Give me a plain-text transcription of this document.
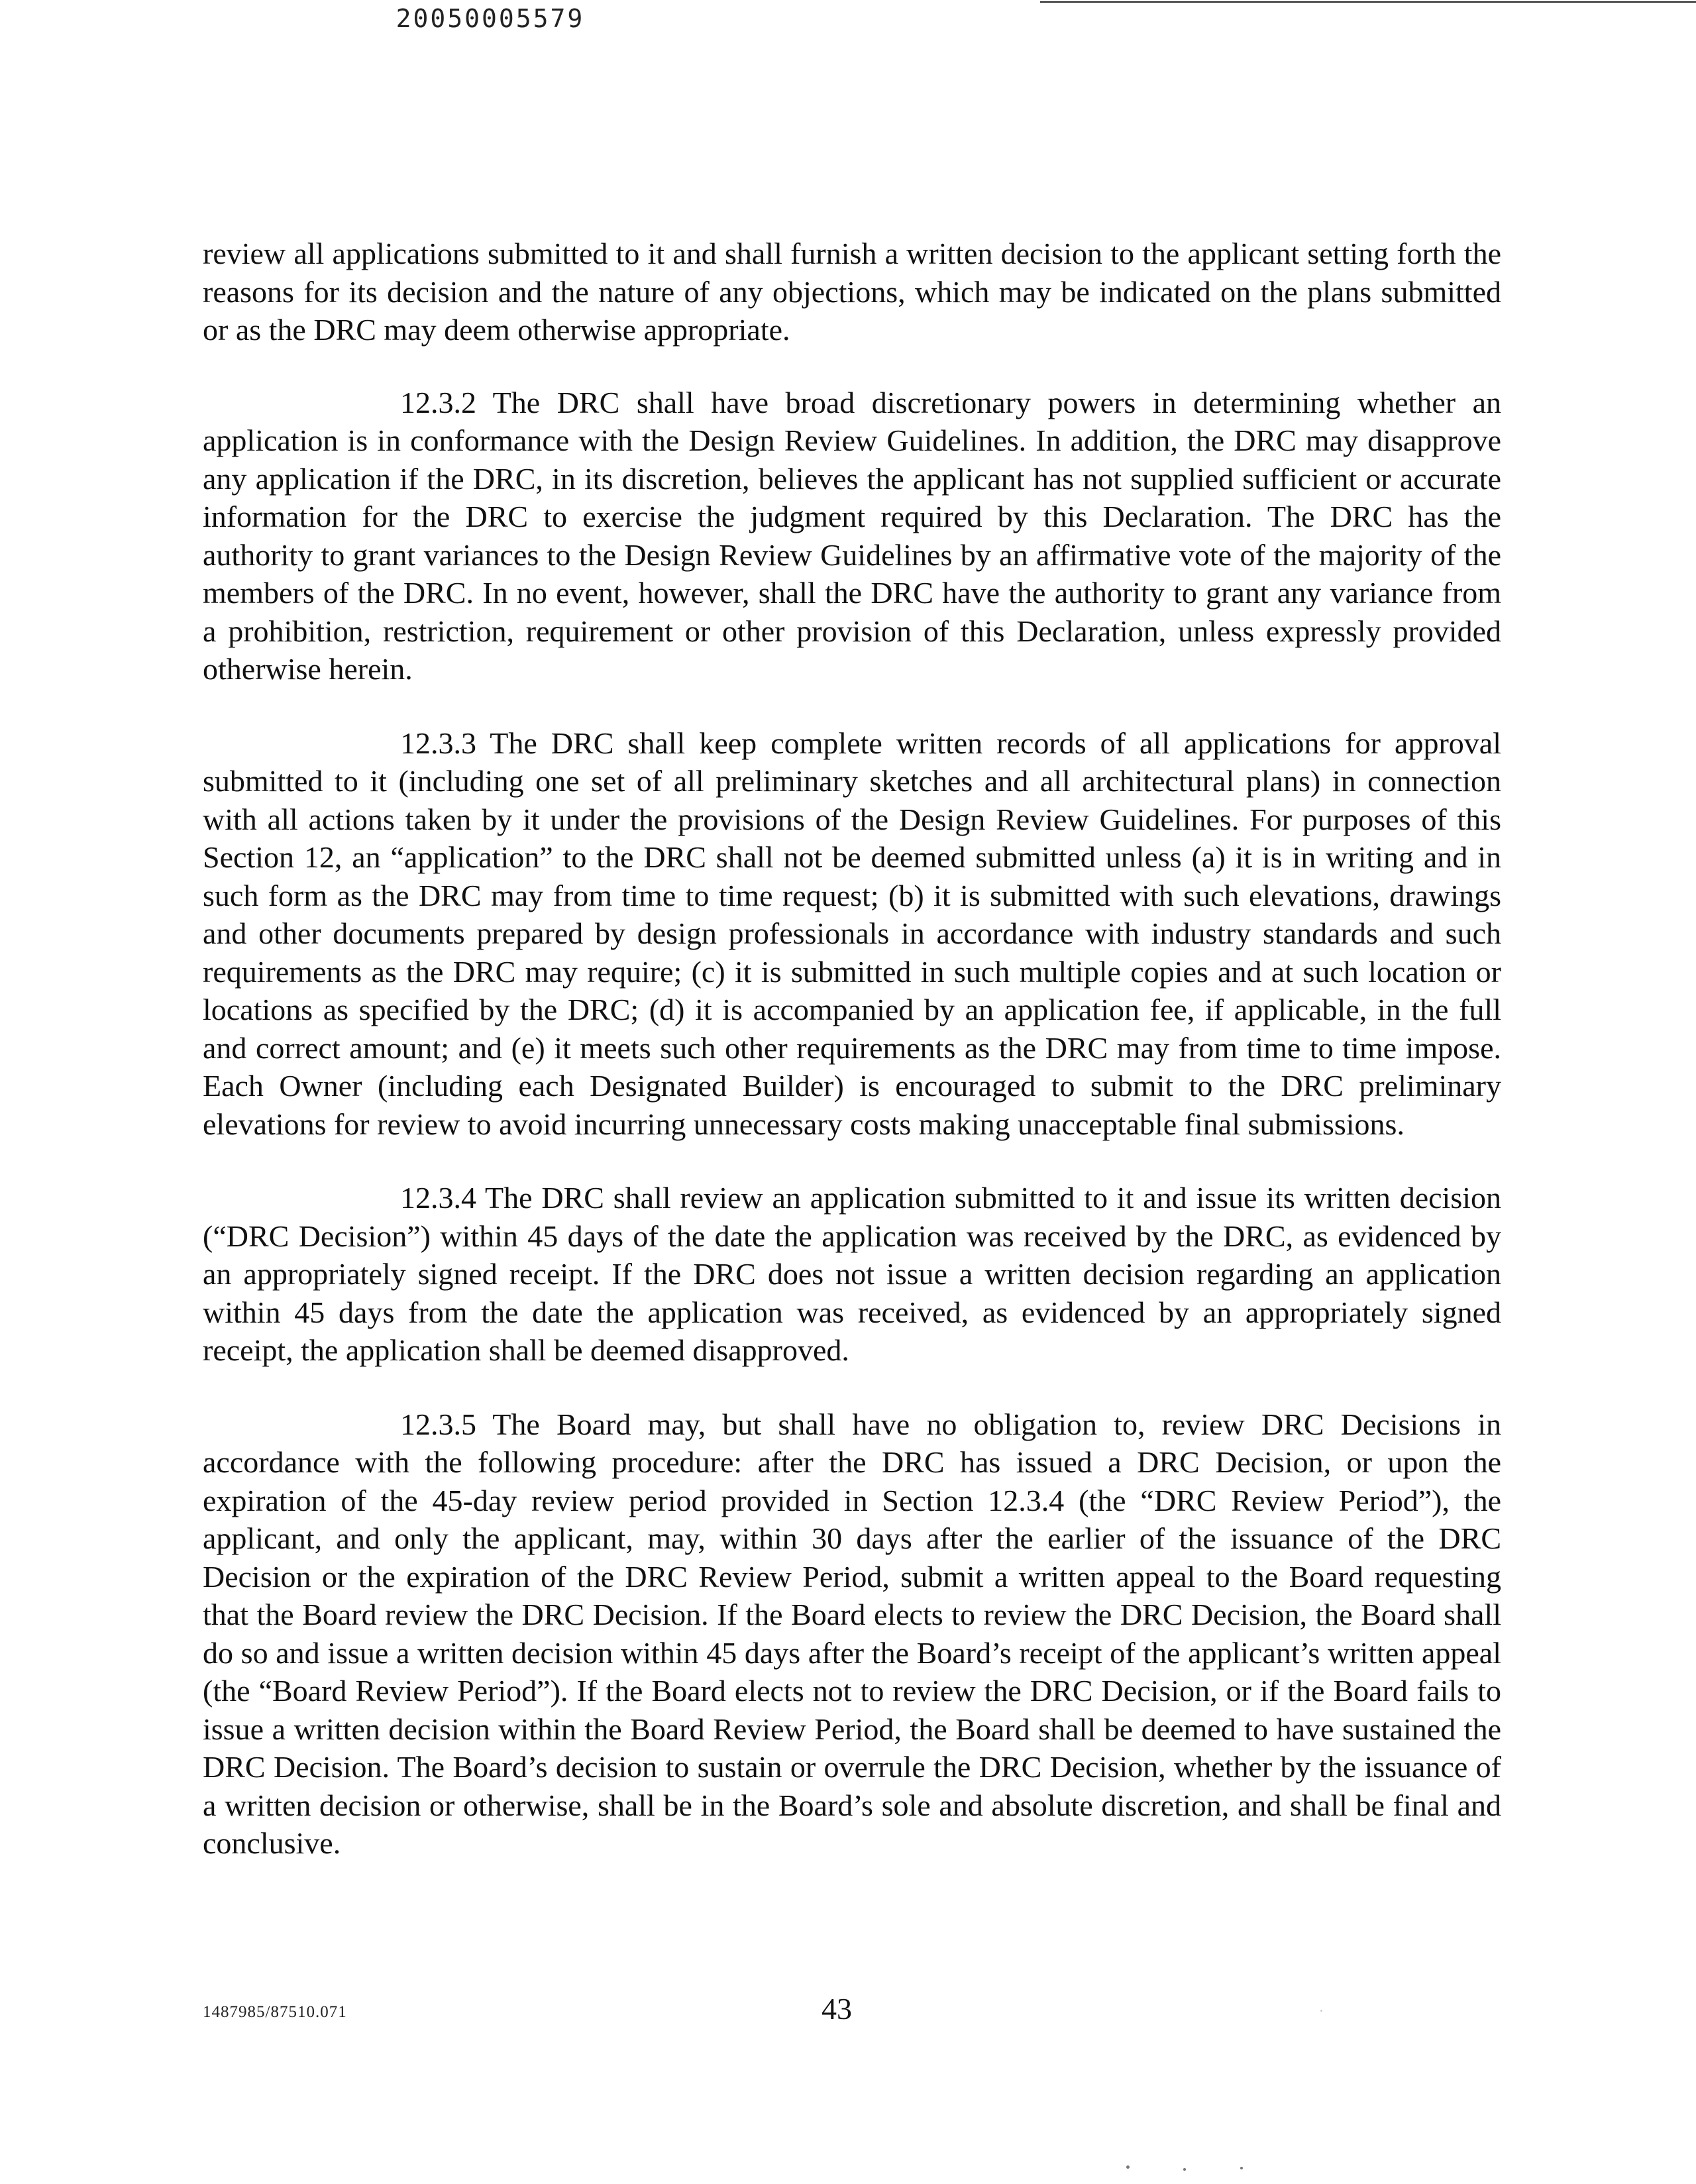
20050005579

review all applications submitted to it and shall furnish a written decision to the applicant setting forth the reasons for its decision and the nature of any objections, which may be indicated on the plans submitted or as the DRC may deem otherwise appropriate.

12.3.2 The DRC shall have broad discretionary powers in determining whether an application is in conformance with the Design Review Guidelines. In addition, the DRC may disapprove any application if the DRC, in its discretion, believes the applicant has not supplied sufficient or accurate information for the DRC to exercise the judgment required by this Declaration. The DRC has the authority to grant variances to the Design Review Guidelines by an affirmative vote of the majority of the members of the DRC. In no event, however, shall the DRC have the authority to grant any variance from a prohibition, restriction, requirement or other provision of this Declaration, unless expressly provided otherwise herein.

12.3.3 The DRC shall keep complete written records of all applications for approval submitted to it (including one set of all preliminary sketches and all architectural plans) in connection with all actions taken by it under the provisions of the Design Review Guidelines. For purposes of this Section 12, an “application” to the DRC shall not be deemed submitted unless (a) it is in writing and in such form as the DRC may from time to time request; (b) it is submitted with such elevations, drawings and other documents prepared by design professionals in accordance with industry standards and such requirements as the DRC may require; (c) it is submitted in such multiple copies and at such location or locations as specified by the DRC; (d) it is accompanied by an application fee, if applicable, in the full and correct amount; and (e) it meets such other requirements as the DRC may from time to time impose. Each Owner (including each Designated Builder) is encouraged to submit to the DRC preliminary elevations for review to avoid incurring unnecessary costs making unacceptable final submissions.

12.3.4 The DRC shall review an application submitted to it and issue its written decision (“DRC Decision”) within 45 days of the date the application was received by the DRC, as evidenced by an appropriately signed receipt. If the DRC does not issue a written decision regarding an application within 45 days from the date the application was received, as evidenced by an appropriately signed receipt, the application shall be deemed disapproved.

12.3.5 The Board may, but shall have no obligation to, review DRC Decisions in accordance with the following procedure: after the DRC has issued a DRC Decision, or upon the expiration of the 45-day review period provided in Section 12.3.4 (the “DRC Review Period”), the applicant, and only the applicant, may, within 30 days after the earlier of the issuance of the DRC Decision or the expiration of the DRC Review Period, submit a written appeal to the Board requesting that the Board review the DRC Decision. If the Board elects to review the DRC Decision, the Board shall do so and issue a written decision within 45 days after the Board’s receipt of the applicant’s written appeal (the “Board Review Period”). If the Board elects not to review the DRC Decision, or if the Board fails to issue a written decision within the Board Review Period, the Board shall be deemed to have sustained the DRC Decision. The Board’s decision to sustain or overrule the DRC Decision, whether by the issuance of a written decision or otherwise, shall be in the Board’s sole and absolute discretion, and shall be final and conclusive.

1487985/87510.071	43
